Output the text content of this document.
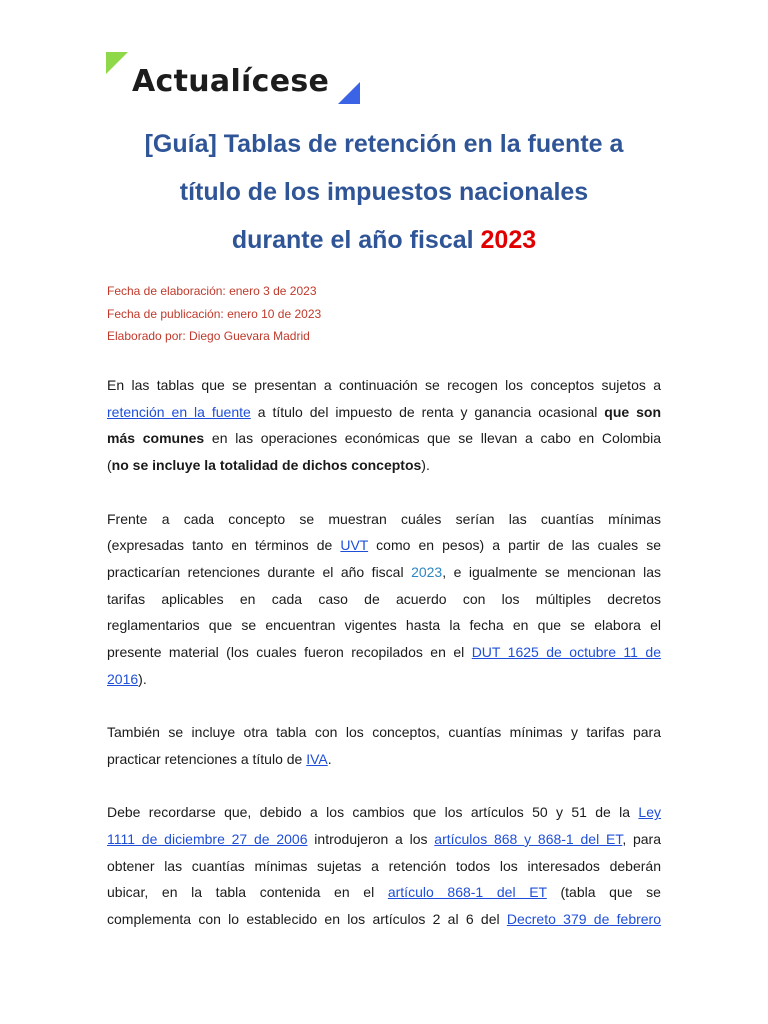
Actualícese
[Guía] Tablas de retención en la fuente a
título de los impuestos nacionales
durante el año fiscal 2023
Fecha de elaboración: enero 3 de 2023
Fecha de publicación: enero 10 de 2023
Elaborado por: Diego Guevara Madrid
En las tablas que se presentan a continuación se recogen los conceptos sujetos a
retención en la fuente a título del impuesto de renta y ganancia ocasional que son
más comunes en las operaciones económicas que se llevan a cabo en Colombia
(no se incluye la totalidad de dichos conceptos).
Frente a cada concepto se muestran cuáles serían las cuantías mínimas
(expresadas tanto en términos de UVT como en pesos) a partir de las cuales se
practicarían retenciones durante el año fiscal 2023, e igualmente se mencionan las
tarifas aplicables en cada caso de acuerdo con los múltiples decretos
reglamentarios que se encuentran vigentes hasta la fecha en que se elabora el
presente material (los cuales fueron recopilados en el DUT 1625 de octubre 11 de
2016).
También se incluye otra tabla con los conceptos, cuantías mínimas y tarifas para
practicar retenciones a título de IVA.
Debe recordarse que, debido a los cambios que los artículos 50 y 51 de la Ley
1111 de diciembre 27 de 2006 introdujeron a los artículos 868 y 868-1 del ET, para
obtener las cuantías mínimas sujetas a retención todos los interesados deberán
ubicar, en la tabla contenida en el artículo 868-1 del ET (tabla que se
complementa con lo establecido en los artículos 2 al 6 del Decreto 379 de febrero
